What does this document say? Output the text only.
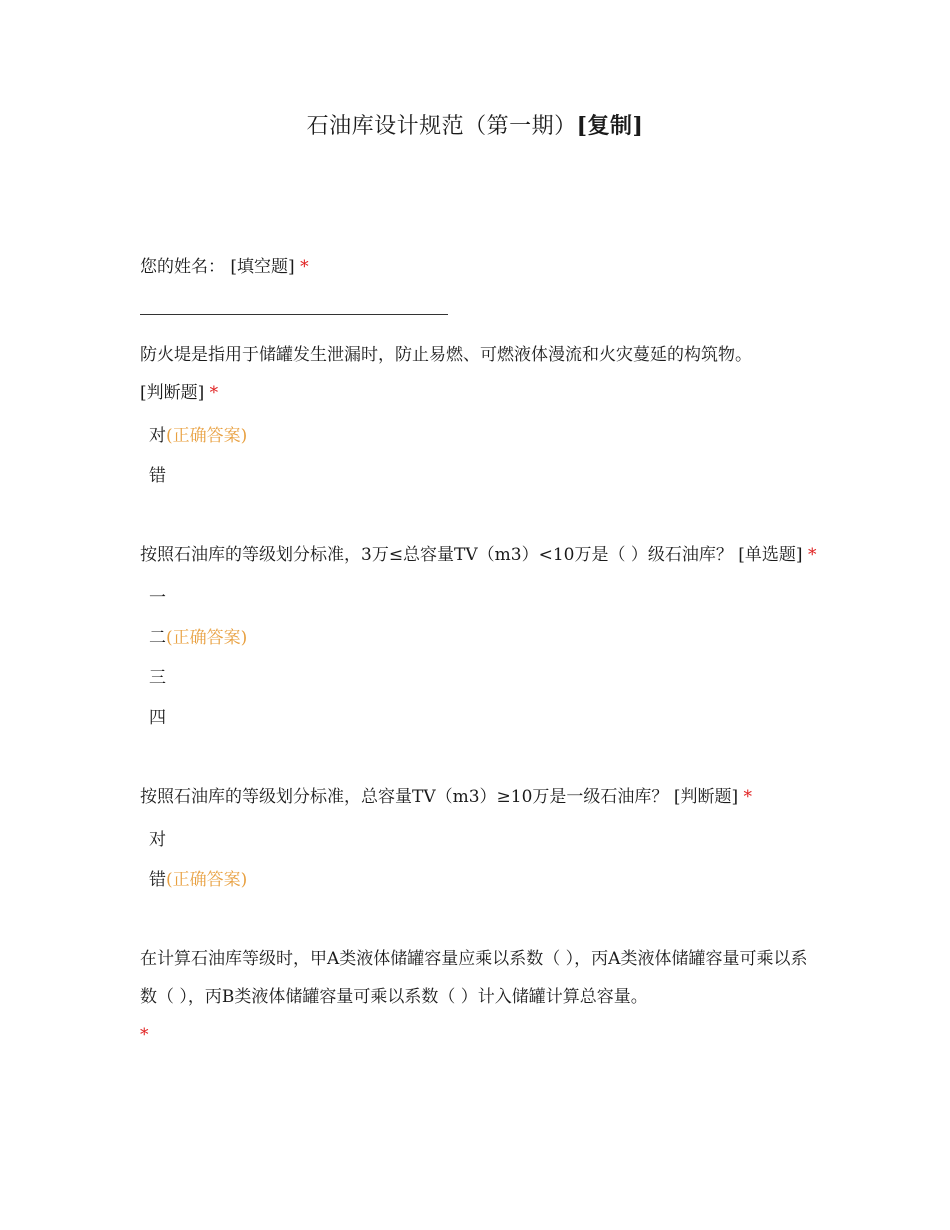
石油库设计规范（第一期）[复制]
您的姓名： [填空题] *
防火堤是指用于储罐发生泄漏时，防止易燃、可燃液体漫流和火灾蔓延的构筑物。
[判断题] *
对(正确答案)
错
按照石油库的等级划分标准，3万≤总容量TV（m3）<10万是（ ）级石油库？ [单选题] *
一
二(正确答案)
三
四
按照石油库的等级划分标准，总容量TV（m3）≥10万是一级石油库？ [判断题] *
对
错(正确答案)
在计算石油库等级时，甲A类液体储罐容量应乘以系数（ ），丙A类液体储罐容量可乘以系数（ ），丙B类液体储罐容量可乘以系数（ ）计入储罐计算总容量。
*
